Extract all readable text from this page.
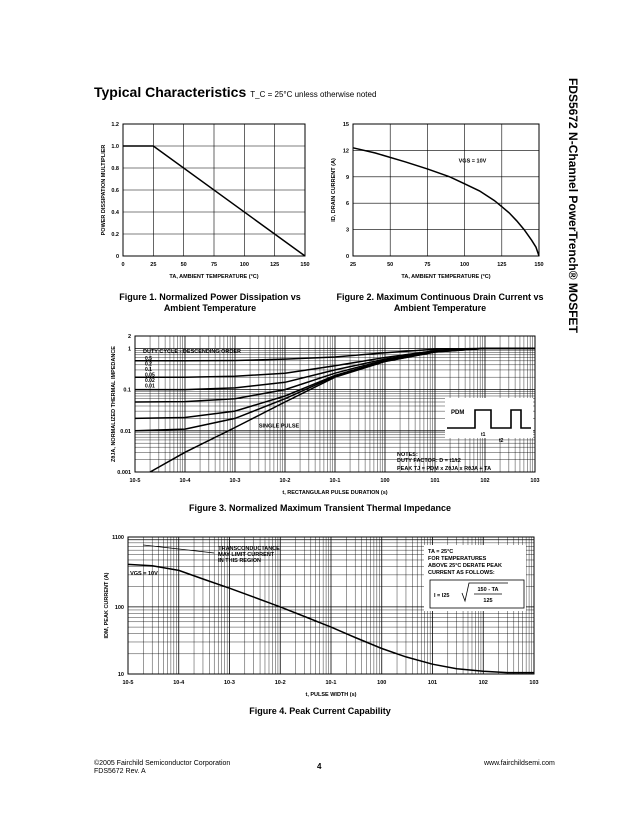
Typical Characteristics T_C = 25°C unless otherwise noted	FDS5672 N-Channel PowerTrench® MOSFET
0	25	50	75	100	125	150
0
0.2
0.4
0.6
0.8
1.0
1.2
TA, AMBIENT TEMPERATURE (°C)
POWER DISSIPATION MULTIPLIER
Figure 1. Normalized Power Dissipation vs
Ambient Temperature
25	50	75	100	125	150
0
3
6
9
12
15
TA, AMBIENT TEMPERATURE (°C)
ID, DRAIN CURRENT (A)	VGS = 10V
Figure 2. Maximum Continuous Drain Current vs
Ambient Temperature
10-5	10-4	10-3	10-2	10-1	100	101	102	103
0.001
0.01
0.1
1
2
t, RECTANGULAR PULSE DURATION (s)
ZθJA, NORMALIZED THERMAL IMPEDANCE	DUTY CYCLE - DESCENDING ORDER
0.5
0.2
0.1
0.05
0.02
0.01
SINGLE PULSE
PDM
t1
t2
NOTES:
DUTY FACTOR: D = t1/t2
PEAK TJ = PDM x ZθJA x RθJA + TA
Figure 3. Normalized Maximum Transient Thermal Impedance
10-5	10-4	10-3	10-2	10-1	100	101	102	103
10
100
1100
t, PULSE WIDTH (s)
IDM, PEAK CURRENT (A)
TRANSCONDUCTANCE
MAY LIMIT CURRENT
IN THIS REGION
VGS = 10V
TA = 25°C
FOR TEMPERATURES
ABOVE 25°C DERATE PEAK
CURRENT AS FOLLOWS:
I = I25
150 - TA
125
Figure 4. Peak Current Capability
©2005 Fairchild Semiconductor Corporation
FDS5672 Rev. A
4	www.fairchildsemi.com
